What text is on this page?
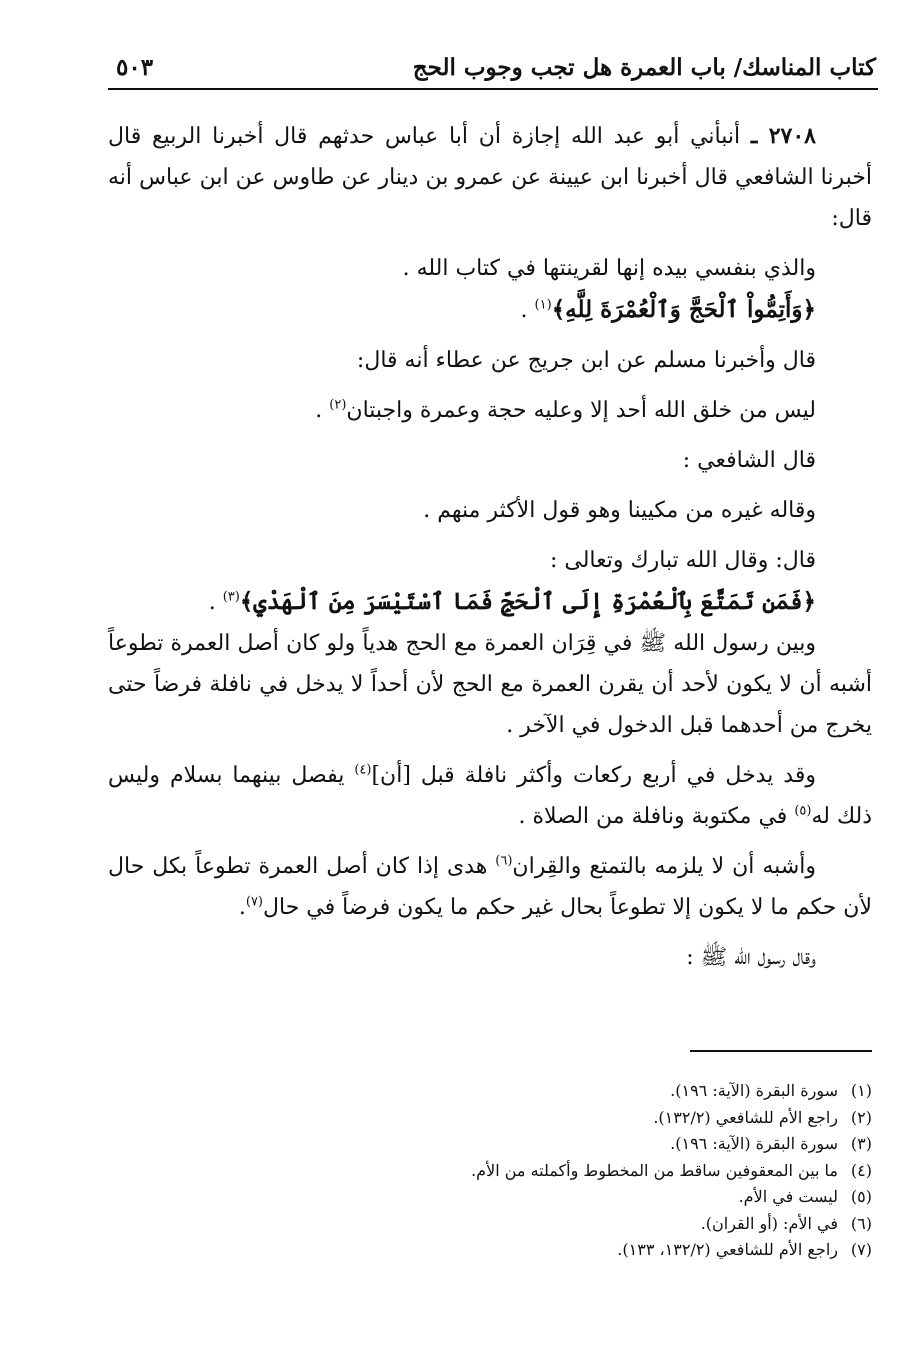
كتاب المناسك/ باب العمرة هل تجب وجوب الحج
٥٠٣

٢٧٠٨ ـ أنبأني أبو عبد الله إجازة أن أبا عباس حدثهم قال أخبرنا الربيع قال أخبرنا الشافعي قال أخبرنا ابن عيينة عن عمرو بن دينار عن طاوس عن ابن عباس أنه قال:

والذي بنفسي بيده إنها لقرينتها في كتاب الله .

﴿وَأَتِمُّواْ ٱلْحَجَّ وَٱلْعُمْرَةَ لِلَّهِ﴾$^{(١)}$ .

قال وأخبرنا مسلم عن ابن جريج عن عطاء أنه قال:

ليس من خلق الله أحد إلا وعليه حجة وعمرة واجبتان$^{(٢)}$ .

قال الشافعي :

وقاله غيره من مكيينا وهو قول الأكثر منهم .

قال: وقال الله تبارك وتعالى :

﴿فَمَن تَمَتَّعَ بِٱلْعُمْرَةِ إِلَى ٱلْحَجِّ فَمَا ٱسْتَيْسَرَ مِنَ ٱلْهَدْيِ﴾$^{(٣)}$ .

وبين رسول الله ﷺ في قِرَان العمرة مع الحج هدياً ولو كان أصل العمرة تطوعاً أشبه أن لا يكون لأحد أن يقرن العمرة مع الحج لأن أحداً لا يدخل في نافلة فرضاً حتى يخرج من أحدهما قبل الدخول في الآخر .

وقد يدخل في أربع ركعات وأكثر نافلة قبل [أن]$^{(٤)}$ يفصل بينهما بسلام وليس ذلك له$^{(٥)}$ في مكتوبة ونافلة من الصلاة .

وأشبه أن لا يلزمه بالتمتع والقِران$^{(٦)}$ هدى إذا كان أصل العمرة تطوعاً بكل حال لأن حكم ما لا يكون إلا تطوعاً بحال غير حكم ما يكون فرضاً في حال$^{(٧)}$.

وقال رسول الله ﷺ :

(١)سورة البقرة (الآية: ١٩٦).
(٢)راجع الأم للشافعي (١٣٢/٢).
(٣)سورة البقرة (الآية: ١٩٦).
(٤)ما بين المعقوفين ساقط من المخطوط وأكملته من الأم.
(٥)ليست في الأم.
(٦)في الأم: (أو القران).
(٧)راجع الأم للشافعي (١٣٢/٢، ١٣٣).
